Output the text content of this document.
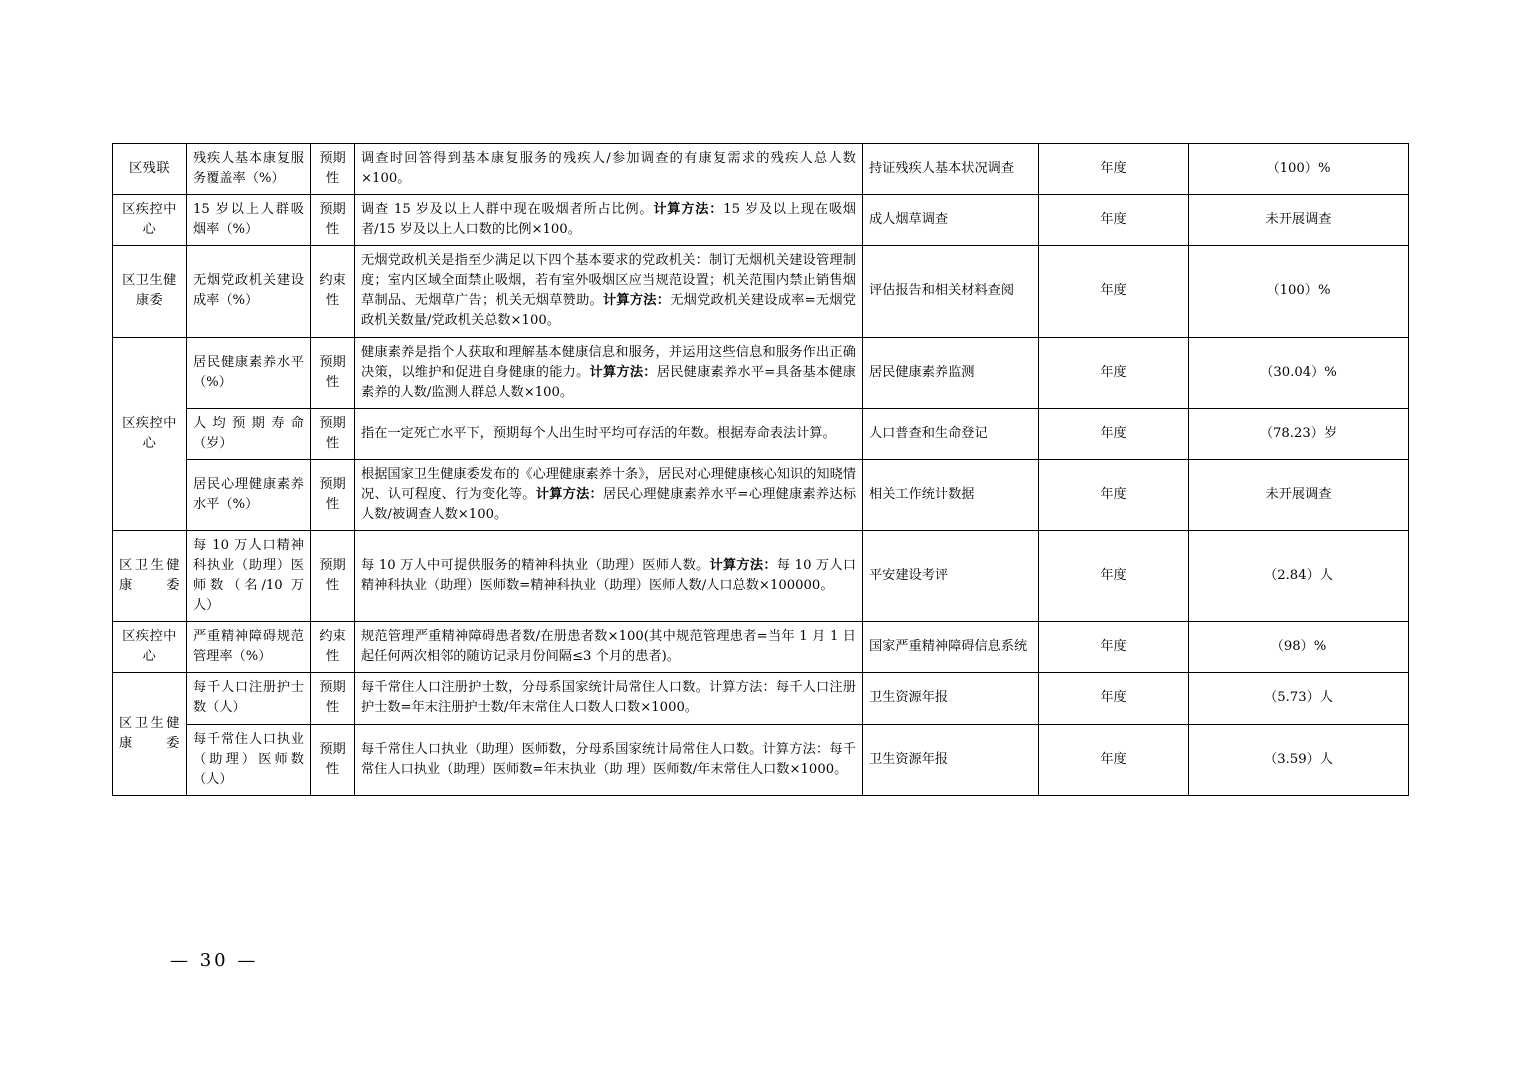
区残联	残疾人基本康复服务覆盖率（%）	预期性	调查时回答得到基本康复服务的残疾人/参加调查的有康复需求的残疾人总人数×100。	持证残疾人基本状况调查	年度	（100）%
区疾控中心	15 岁以上人群吸烟率（%）	预期性	调查 15 岁及以上人群中现在吸烟者所占比例。计算方法：15 岁及以上现在吸烟者/15 岁及以上人口数的比例×100。	成人烟草调查	年度	未开展调查
区卫生健康委	无烟党政机关建设成率（%）	约束性	无烟党政机关是指至少满足以下四个基本要求的党政机关：制订无烟机关建设管理制度；室内区域全面禁止吸烟，若有室外吸烟区应当规范设置；机关范围内禁止销售烟草制品、无烟草广告；机关无烟草赞助。计算方法：无烟党政机关建设成率=无烟党政机关数量/党政机关总数×100。	评估报告和相关材料查阅	年度	（100）%
区疾控中心	居民健康素养水平（%）	预期性	健康素养是指个人获取和理解基本健康信息和服务，并运用这些信息和服务作出正确决策，以维护和促进自身健康的能力。计算方法：居民健康素养水平=具备基本健康素养的人数/监测人群总人数×100。	居民健康素养监测	年度	（30.04）%
	人均预期寿命（岁）	预期性	指在一定死亡水平下，预期每个人出生时平均可存活的年数。根据寿命表法计算。	人口普查和生命登记	年度	（78.23）岁
	居民心理健康素养水平（%）	预期性	根据国家卫生健康委发布的《心理健康素养十条》，居民对心理健康核心知识的知晓情况、认可程度、行为变化等。计算方法：居民心理健康素养水平=心理健康素养达标人数/被调查人数×100。	相关工作统计数据	年度	未开展调查
区卫生健康委	每 10 万人口精神科执业（助理）医师数（名/10 万人）	预期性	每 10 万人中可提供服务的精神科执业（助理）医师人数。计算方法：每 10 万人口精神科执业（助理）医师数=精神科执业（助理）医师人数/人口总数×100000。	平安建设考评	年度	（2.84）人
区疾控中心	严重精神障碍规范管理率（%）	约束性	规范管理严重精神障碍患者数/在册患者数×100(其中规范管理患者=当年 1 月 1 日起任何两次相邻的随访记录月份间隔≤3 个月的患者)。	国家严重精神障碍信息系统	年度	（98）%
区卫生健康委	每千人口注册护士数（人）	预期性	每千常住人口注册护士数，分母系国家统计局常住人口数。计算方法：每千人口注册护士数=年末注册护士数/年末常住人口数人口数×1000。	卫生资源年报	年度	（5.73）人
	每千常住人口执业（助理）医师数（人）	预期性	每千常住人口执业（助理）医师数，分母系国家统计局常住人口数。计算方法：每千常住人口执业（助理）医师数=年末执业（助 理）医师数/年末常住人口数×1000。	卫生资源年报	年度	（3.59）人
— 30 —
